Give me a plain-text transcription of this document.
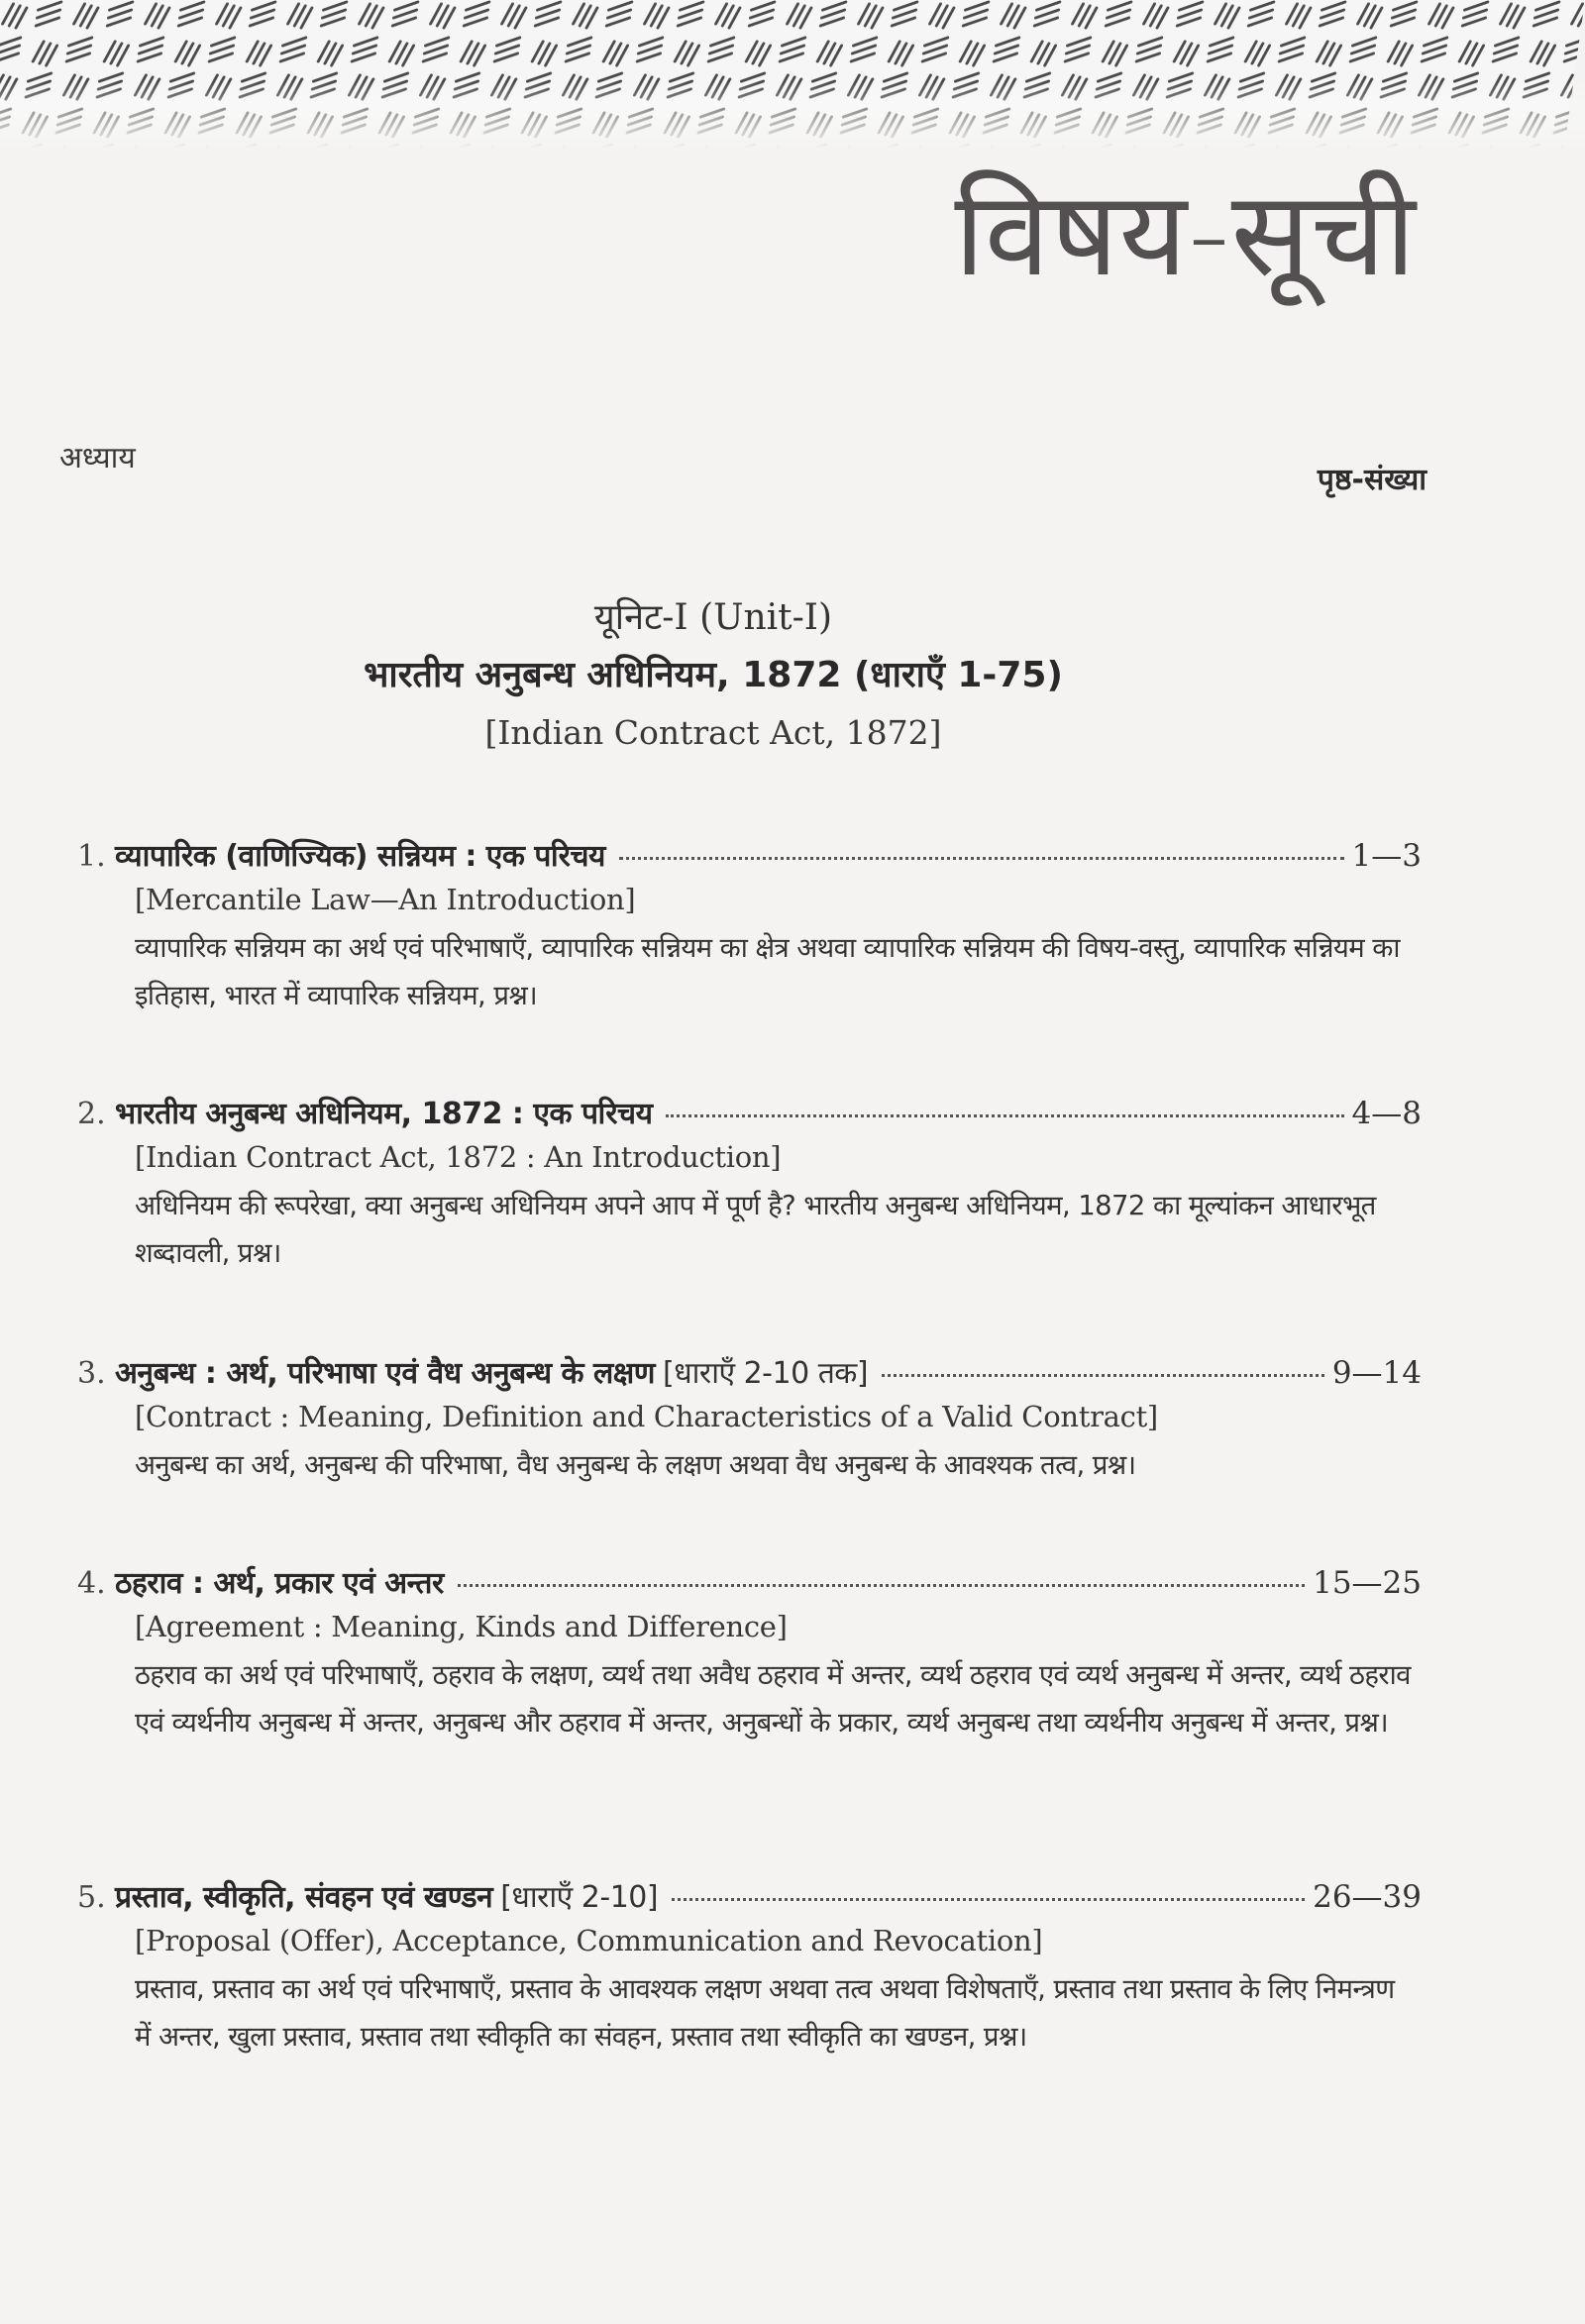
विषय-सूची
अध्याय
पृष्ठ-संख्या
यूनिट-I (Unit-I)
भारतीय अनुबन्ध अधिनियम, 1872 (धाराएँ 1-75)
[Indian Contract Act, 1872]
1. व्यापारिक (वाणिज्यिक) सन्नियम : एक परिचय	1—3
[Mercantile Law—An Introduction]
व्यापारिक सन्नियम का अर्थ एवं परिभाषाएँ, व्यापारिक सन्नियम का क्षेत्र अथवा व्यापारिक सन्नियम की विषय-वस्तु, व्यापारिक सन्नियम का इतिहास, भारत में व्यापारिक सन्नियम, प्रश्न।
2. भारतीय अनुबन्ध अधिनियम, 1872 : एक परिचय	4—8
[Indian Contract Act, 1872 : An Introduction]
अधिनियम की रूपरेखा, क्या अनुबन्ध अधिनियम अपने आप में पूर्ण है? भारतीय अनुबन्ध अधिनियम, 1872 का मूल्यांकन आधारभूत शब्दावली, प्रश्न।
3. अनुबन्ध : अर्थ, परिभाषा एवं वैध अनुबन्ध के लक्षण [धाराएँ 2-10 तक]	9—14
[Contract : Meaning, Definition and Characteristics of a Valid Contract]
अनुबन्ध का अर्थ, अनुबन्ध की परिभाषा, वैध अनुबन्ध के लक्षण अथवा वैध अनुबन्ध के आवश्यक तत्व, प्रश्न।
4. ठहराव : अर्थ, प्रकार एवं अन्तर	15—25
[Agreement : Meaning, Kinds and Difference]
ठहराव का अर्थ एवं परिभाषाएँ, ठहराव के लक्षण, व्यर्थ तथा अवैध ठहराव में अन्तर, व्यर्थ ठहराव एवं व्यर्थ अनुबन्ध में अन्तर, व्यर्थ ठहराव एवं व्यर्थनीय अनुबन्ध में अन्तर, अनुबन्ध और ठहराव में अन्तर, अनुबन्धों के प्रकार, व्यर्थ अनुबन्ध तथा व्यर्थनीय अनुबन्ध में अन्तर, प्रश्न।
5. प्रस्ताव, स्वीकृति, संवहन एवं खण्डन [धाराएँ 2-10]	26—39
[Proposal (Offer), Acceptance, Communication and Revocation]
प्रस्ताव, प्रस्ताव का अर्थ एवं परिभाषाएँ, प्रस्ताव के आवश्यक लक्षण अथवा तत्व अथवा विशेषताएँ, प्रस्ताव तथा प्रस्ताव के लिए निमन्त्रण में अन्तर, खुला प्रस्ताव, प्रस्ताव तथा स्वीकृति का संवहन, प्रस्ताव तथा स्वीकृति का खण्डन, प्रश्न।
